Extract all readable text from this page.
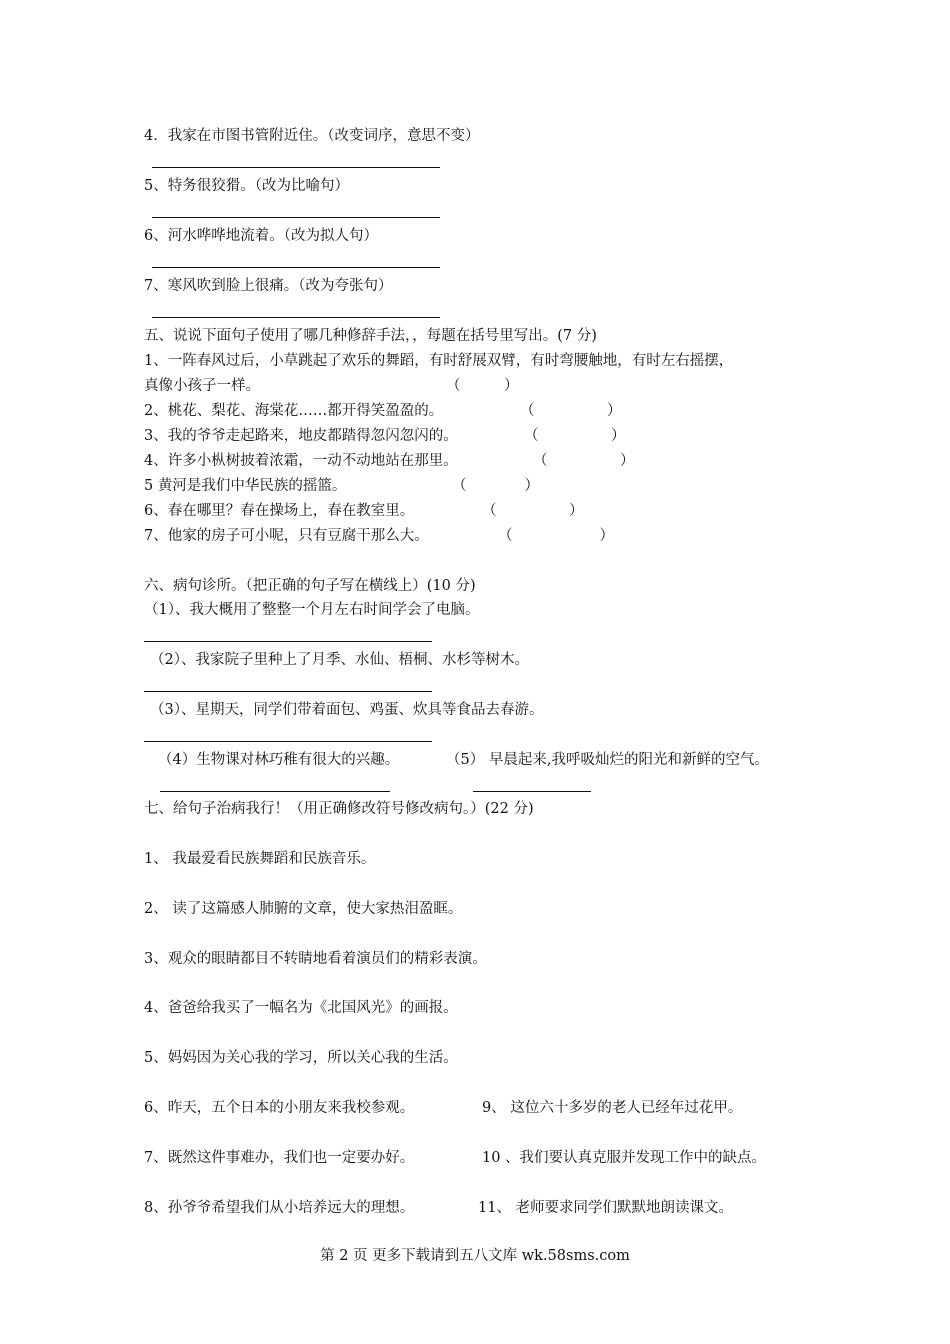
4．我家在市图书管附近住。（改变词序，意思不变）
5、特务很狡猾。（改为比喻句）
6、河水哗哗地流着。（改为拟人句）
7、寒风吹到脸上很痛。（改为夸张句）
五、说说下面句子使用了哪几种修辞手法，，每题在括号里写出。(7 分)
1、一阵春风过后，小草跳起了欢乐的舞蹈，有时舒展双臂，有时弯腰触地，有时左右摇摆，
真像小孩子一样。	（　　　）
2、桃花、梨花、海棠花……都开得笑盈盈的。	（　　　　　）
3、我的爷爷走起路来，地皮都踏得忽闪忽闪的。	（　　　　　）
4、许多小枞树披着浓霜，一动不动地站在那里。	（　　　　　）
5 黄河是我们中华民族的摇篮。	（　　　　）
6、春在哪里？春在操场上，春在教室里。	（　　　　　）
7、他家的房子可小呢，只有豆腐干那么大。	（　　　　　　）
六、病句诊所。（把正确的句子写在横线上）(10 分)
（1）、我大概用了整整一个月左右时间学会了电脑。
（2）、我家院子里种上了月季、水仙、梧桐、水杉等树木。
（3）、星期天，同学们带着面包、鸡蛋、炊具等食品去春游。
（4）生物课对林巧稚有很大的兴趣。	（5） 早晨起来,我呼吸灿烂的阳光和新鲜的空气。
七、给句子治病我行！（用正确修改符号修改病句。）(22 分)
1、 我最爱看民族舞蹈和民族音乐。
2、 读了这篇感人肺腑的文章，使大家热泪盈眶。
3、观众的眼睛都目不转睛地看着演员们的精彩表演。
4、爸爸给我买了一幅名为《北国风光》的画报。
5、妈妈因为关心我的学习，所以关心我的生活。
6、昨天，五个日本的小朋友来我校参观。	9、 这位六十多岁的老人已经年过花甲。
7、既然这件事难办，我们也一定要办好。	10 、我们要认真克服并发现工作中的缺点。
8、孙爷爷希望我们从小培养远大的理想。	11、 老师要求同学们默默地朗读课文。
第 2 页 更多下载请到五八文库 wk.58sms.com
